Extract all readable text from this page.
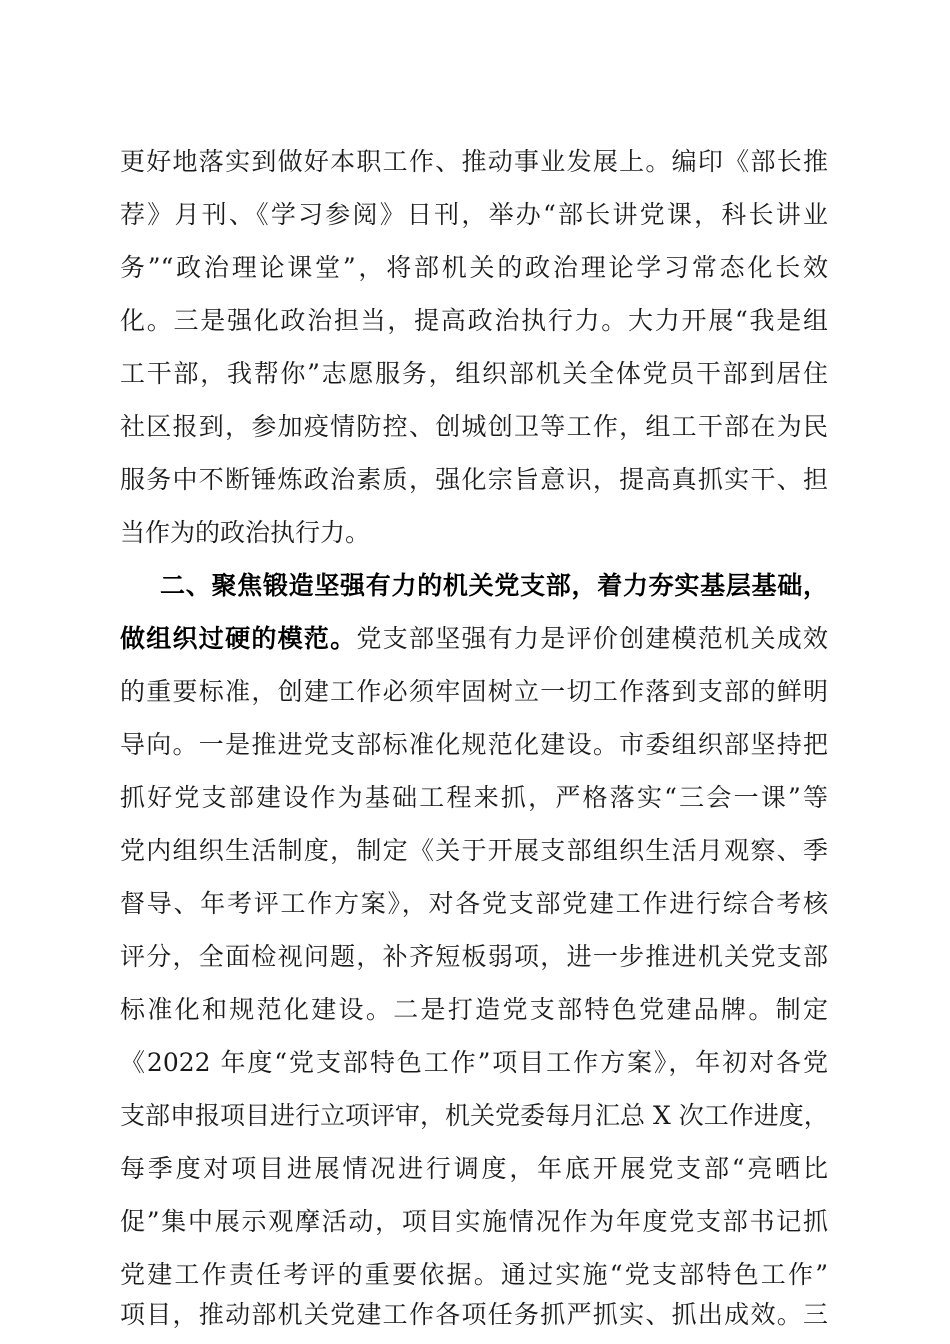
更好地落实到做好本职工作、推动事业发展上。编印《部长推
荐》月刊、《学习参阅》日刊，举办“部长讲党课，科长讲业
务”“政治理论课堂”，将部机关的政治理论学习常态化长效
化。三是强化政治担当，提高政治执行力。大力开展“我是组
工干部，我帮你”志愿服务，组织部机关全体党员干部到居住
社区报到，参加疫情防控、创城创卫等工作，组工干部在为民
服务中不断锤炼政治素质，强化宗旨意识，提高真抓实干、担
当作为的政治执行力。
二、聚焦锻造坚强有力的机关党支部，着力夯实基层基础，
做组织过硬的模范。党支部坚强有力是评价创建模范机关成效
的重要标准，创建工作必须牢固树立一切工作落到支部的鲜明
导向。一是推进党支部标准化规范化建设。市委组织部坚持把
抓好党支部建设作为基础工程来抓，严格落实“三会一课”等
党内组织生活制度，制定《关于开展支部组织生活月观察、季
督导、年考评工作方案》，对各党支部党建工作进行综合考核
评分，全面检视问题，补齐短板弱项，进一步推进机关党支部
标准化和规范化建设。二是打造党支部特色党建品牌。制定
《2022 年度“党支部特色工作”项目工作方案》，年初对各党
支部申报项目进行立项评审，机关党委每月汇总 X 次工作进度，
每季度对项目进展情况进行调度，年底开展党支部“亮晒比
促”集中展示观摩活动，项目实施情况作为年度党支部书记抓
党建工作责任考评的重要依据。通过实施“党支部特色工作”
项目，推动部机关党建工作各项任务抓严抓实、抓出成效。三
